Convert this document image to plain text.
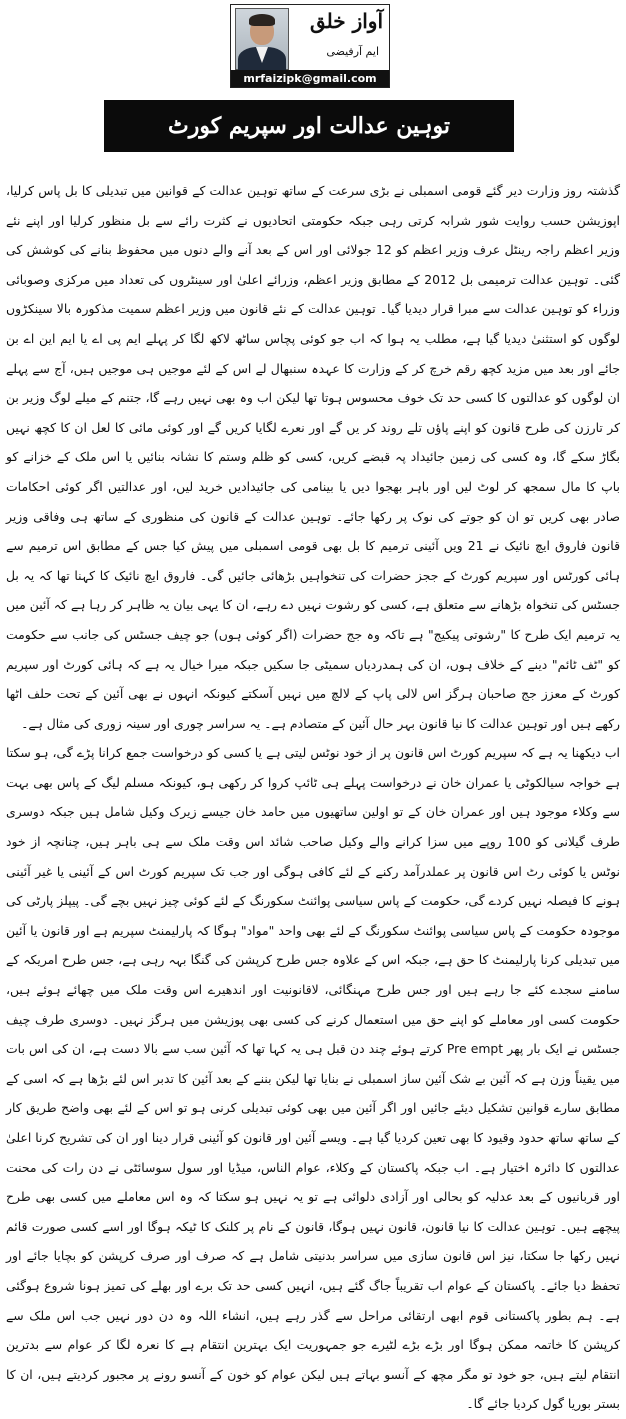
آواز خلق
ایم آرفیضی
mrfaizipk@gmail.com
توہین عدالت اور سپریم کورٹ

گذشتہ روز وزارت دیر گئے قومی اسمبلی نے بڑی سرعت کے ساتھ توہین عدالت کے قوانین میں تبدیلی کا بل پاس کرلیا، اپوزیشن حسب روایت شور شرابہ کرتی رہی جبکہ حکومتی اتحادیوں نے کثرت رائے سے بل منظور کرلیا اور اپنے نئے وزیر اعظم راجہ رینٹل عرف وزیر اعظم کو 12 جولائی اور اس کے بعد آنے والے دنوں میں محفوظ بنانے کی کوشش کی گئی۔ توہین عدالت ترمیمی بل 2012 کے مطابق وزیر اعظم، وزرائے اعلیٰ اور سینٹروں کی تعداد میں مرکزی وصوبائی وزراء کو توہین عدالت سے مبرا قرار دیدیا گیا۔ توہین عدالت کے نئے قانون میں وزیر اعظم سمیت مذکورہ بالا سینکڑوں لوگوں کو استثنیٰ دیدیا گیا ہے، مطلب یہ ہوا کہ اب جو کوئی پچاس ساٹھ لاکھ لگا کر پہلے ایم پی اے یا ایم این اے بن جائے اور بعد میں مزید کچھ رقم خرچ کر کے وزارت کا عہدہ سنبھال لے اس کے لئے موجیں ہی موجیں ہیں، آج سے پہلے ان لوگوں کو عدالتوں کا کسی حد تک خوف محسوس ہوتا تھا لیکن اب وہ بھی نہیں رہے گا، جتنم کے میلے لوگ وزیر بن کر تارزن کی طرح قانون کو اپنے پاؤں تلے روند کر یں گے اور نعرے لگایا کریں گے اور کوئی مائی کا لعل ان کا کچھ نہیں بگاڑ سکے گا، وہ کسی کی زمین جائیداد پہ قبضے کریں، کسی کو ظلم وستم کا نشانہ بنائیں یا اس ملک کے خزانے کو باپ کا مال سمجھ کر لوٹ لیں اور باہر بھجوا دیں یا بینامی کی جائیدادیں خرید لیں، اور عدالتیں اگر کوئی احکامات صادر بھی کریں تو ان کو جوتے کی نوک پر رکھا جائے۔ توہین عدالت کے قانون کی منظوری کے ساتھ ہی وفاقی وزیر قانون فاروق ایچ نائیک نے 21 ویں آئینی ترمیم کا بل بھی قومی اسمبلی میں پیش کیا جس کے مطابق اس ترمیم سے ہائی کورٹس اور سپریم کورٹ کے ججز حضرات کی تنخواہیں بڑھائی جائیں گی۔ فاروق ایچ نائیک کا کہنا تھا کہ یہ بل جسٹس کی تنخواہ بڑھانے سے متعلق ہے، کسی کو رشوت نہیں دے رہے، ان کا یہی بیان یہ ظاہر کر رہا ہے کہ آئین میں یہ ترمیم ایک طرح کا "رشوتی پیکیج" ہے تاکہ وہ جج حضرات (اگر کوئی ہوں) جو چیف جسٹس کی جانب سے حکومت کو "ٹف ٹائم" دینے کے خلاف ہوں، ان کی ہمدردیاں سمیٹی جا سکیں جبکہ میرا خیال یہ ہے کہ ہائی کورٹ اور سپریم کورٹ کے معزز جج صاحبان ہرگز اس لالی پاپ کے لالچ میں نہیں آسکتے کیونکہ انہوں نے بھی آئین کے تحت حلف اٹھا رکھے ہیں اور توہین عدالت کا نیا قانون بہر حال آئین کے متصادم ہے۔ یہ سراسر چوری اور سینہ زوری کی مثال ہے۔

اب دیکھنا یہ ہے کہ سپریم کورٹ اس قانون پر از خود نوٹس لیتی ہے یا کسی کو درخواست جمع کرانا پڑے گی، ہو سکتا ہے خواجہ سیالکوٹی یا عمران خان نے درخواست پہلے ہی ٹائپ کروا کر رکھی ہو، کیونکہ مسلم لیگ کے پاس بھی بہت سے وکلاء موجود ہیں اور عمران خان کے تو اولین ساتھیوں میں حامد خان جیسے زیرک وکیل شامل ہیں جبکہ دوسری طرف گیلانی کو 100 روپے میں سزا کرانے والے وکیل صاحب شائد اس وقت ملک سے ہی باہر ہیں، چنانچہ از خود نوٹس یا کوئی رٹ اس قانون پر عملدرآمد رکنے کے لئے کافی ہوگی اور جب تک سپریم کورٹ اس کے آئینی یا غیر آئینی ہونے کا فیصلہ نہیں کردے گی، حکومت کے پاس سیاسی پوائنٹ سکورنگ کے لئے کوئی چیز نہیں بچے گی۔ پیپلز پارٹی کی موجودہ حکومت کے پاس سیاسی پوائنٹ سکورنگ کے لئے بھی واحد "مواد" ہوگا کہ پارلیمنٹ سپریم ہے اور قانون یا آئین میں تبدیلی کرنا پارلیمنٹ کا حق ہے، جبکہ اس کے علاوہ جس طرح کرپشن کی گنگا بہہ رہی ہے، جس طرح امریکہ کے سامنے سجدے کئے جا رہے ہیں اور جس طرح مہنگائی، لاقانونیت اور اندھیرے اس وقت ملک میں چھائے ہوئے ہیں، حکومت کسی اور معاملے کو اپنے حق میں استعمال کرنے کی کسی بھی پوزیشن میں ہرگز نہیں۔ دوسری طرف چیف جسٹس نے ایک بار پھر Pre empt کرتے ہوئے چند دن قبل ہی یہ کہا تھا کہ آئین سب سے بالا دست ہے، ان کی اس بات میں یقیناً وزن ہے کہ آئین بے شک آئین ساز اسمبلی نے بنایا تھا لیکن بننے کے بعد آئین کا تدبر اس لئے بڑھا ہے کہ اسی کے مطابق سارے قوانین تشکیل دیئے جائیں اور اگر آئین میں بھی کوئی تبدیلی کرنی ہو تو اس کے لئے بھی واضح طریق کار کے ساتھ ساتھ حدود وقیود کا بھی تعین کردیا گیا ہے۔ ویسے آئین اور قانون کو آئینی قرار دینا اور ان کی تشریح کرنا اعلیٰ عدالتوں کا دائرہ اختیار ہے۔ اب جبکہ پاکستان کے وکلاء، عوام الناس، میڈیا اور سول سوسائٹی نے دن رات کی محنت اور قربانیوں کے بعد عدلیہ کو بحالی اور آزادی دلوائی ہے تو یہ نہیں ہو سکتا کہ وہ اس معاملے میں کسی بھی طرح پیچھے ہیں۔ توہین عدالت کا نیا قانون، قانون نہیں ہوگا، قانون کے نام پر کلنک کا ٹیکہ ہوگا اور اسے کسی صورت قائم نہیں رکھا جا سکتا، نیز اس قانون سازی میں سراسر بدنیتی شامل ہے کہ صرف اور صرف کرپشن کو بچایا جائے اور تحفظ دیا جائے۔ پاکستان کے عوام اب تقریباً جاگ گئے ہیں، انہیں کسی حد تک برے اور بھلے کی تمیز ہونا شروع ہوگئی ہے۔ ہم بطور پاکستانی قوم ابھی ارتقائی مراحل سے گذر رہے ہیں، انشاء اللہ وہ دن دور نہیں جب اس ملک سے کرپشن کا خاتمہ ممکن ہوگا اور بڑے بڑے لٹیرے جو جمہوریت ایک بہترین انتقام ہے کا نعرہ لگا کر عوام سے بدترین انتقام لیتے ہیں، جو خود تو مگر مچھ کے آنسو بہاتے ہیں لیکن عوام کو خون کے آنسو رونے پر مجبور کردیتے ہیں، ان کا بستر بوریا گول کردیا جائے گا۔
